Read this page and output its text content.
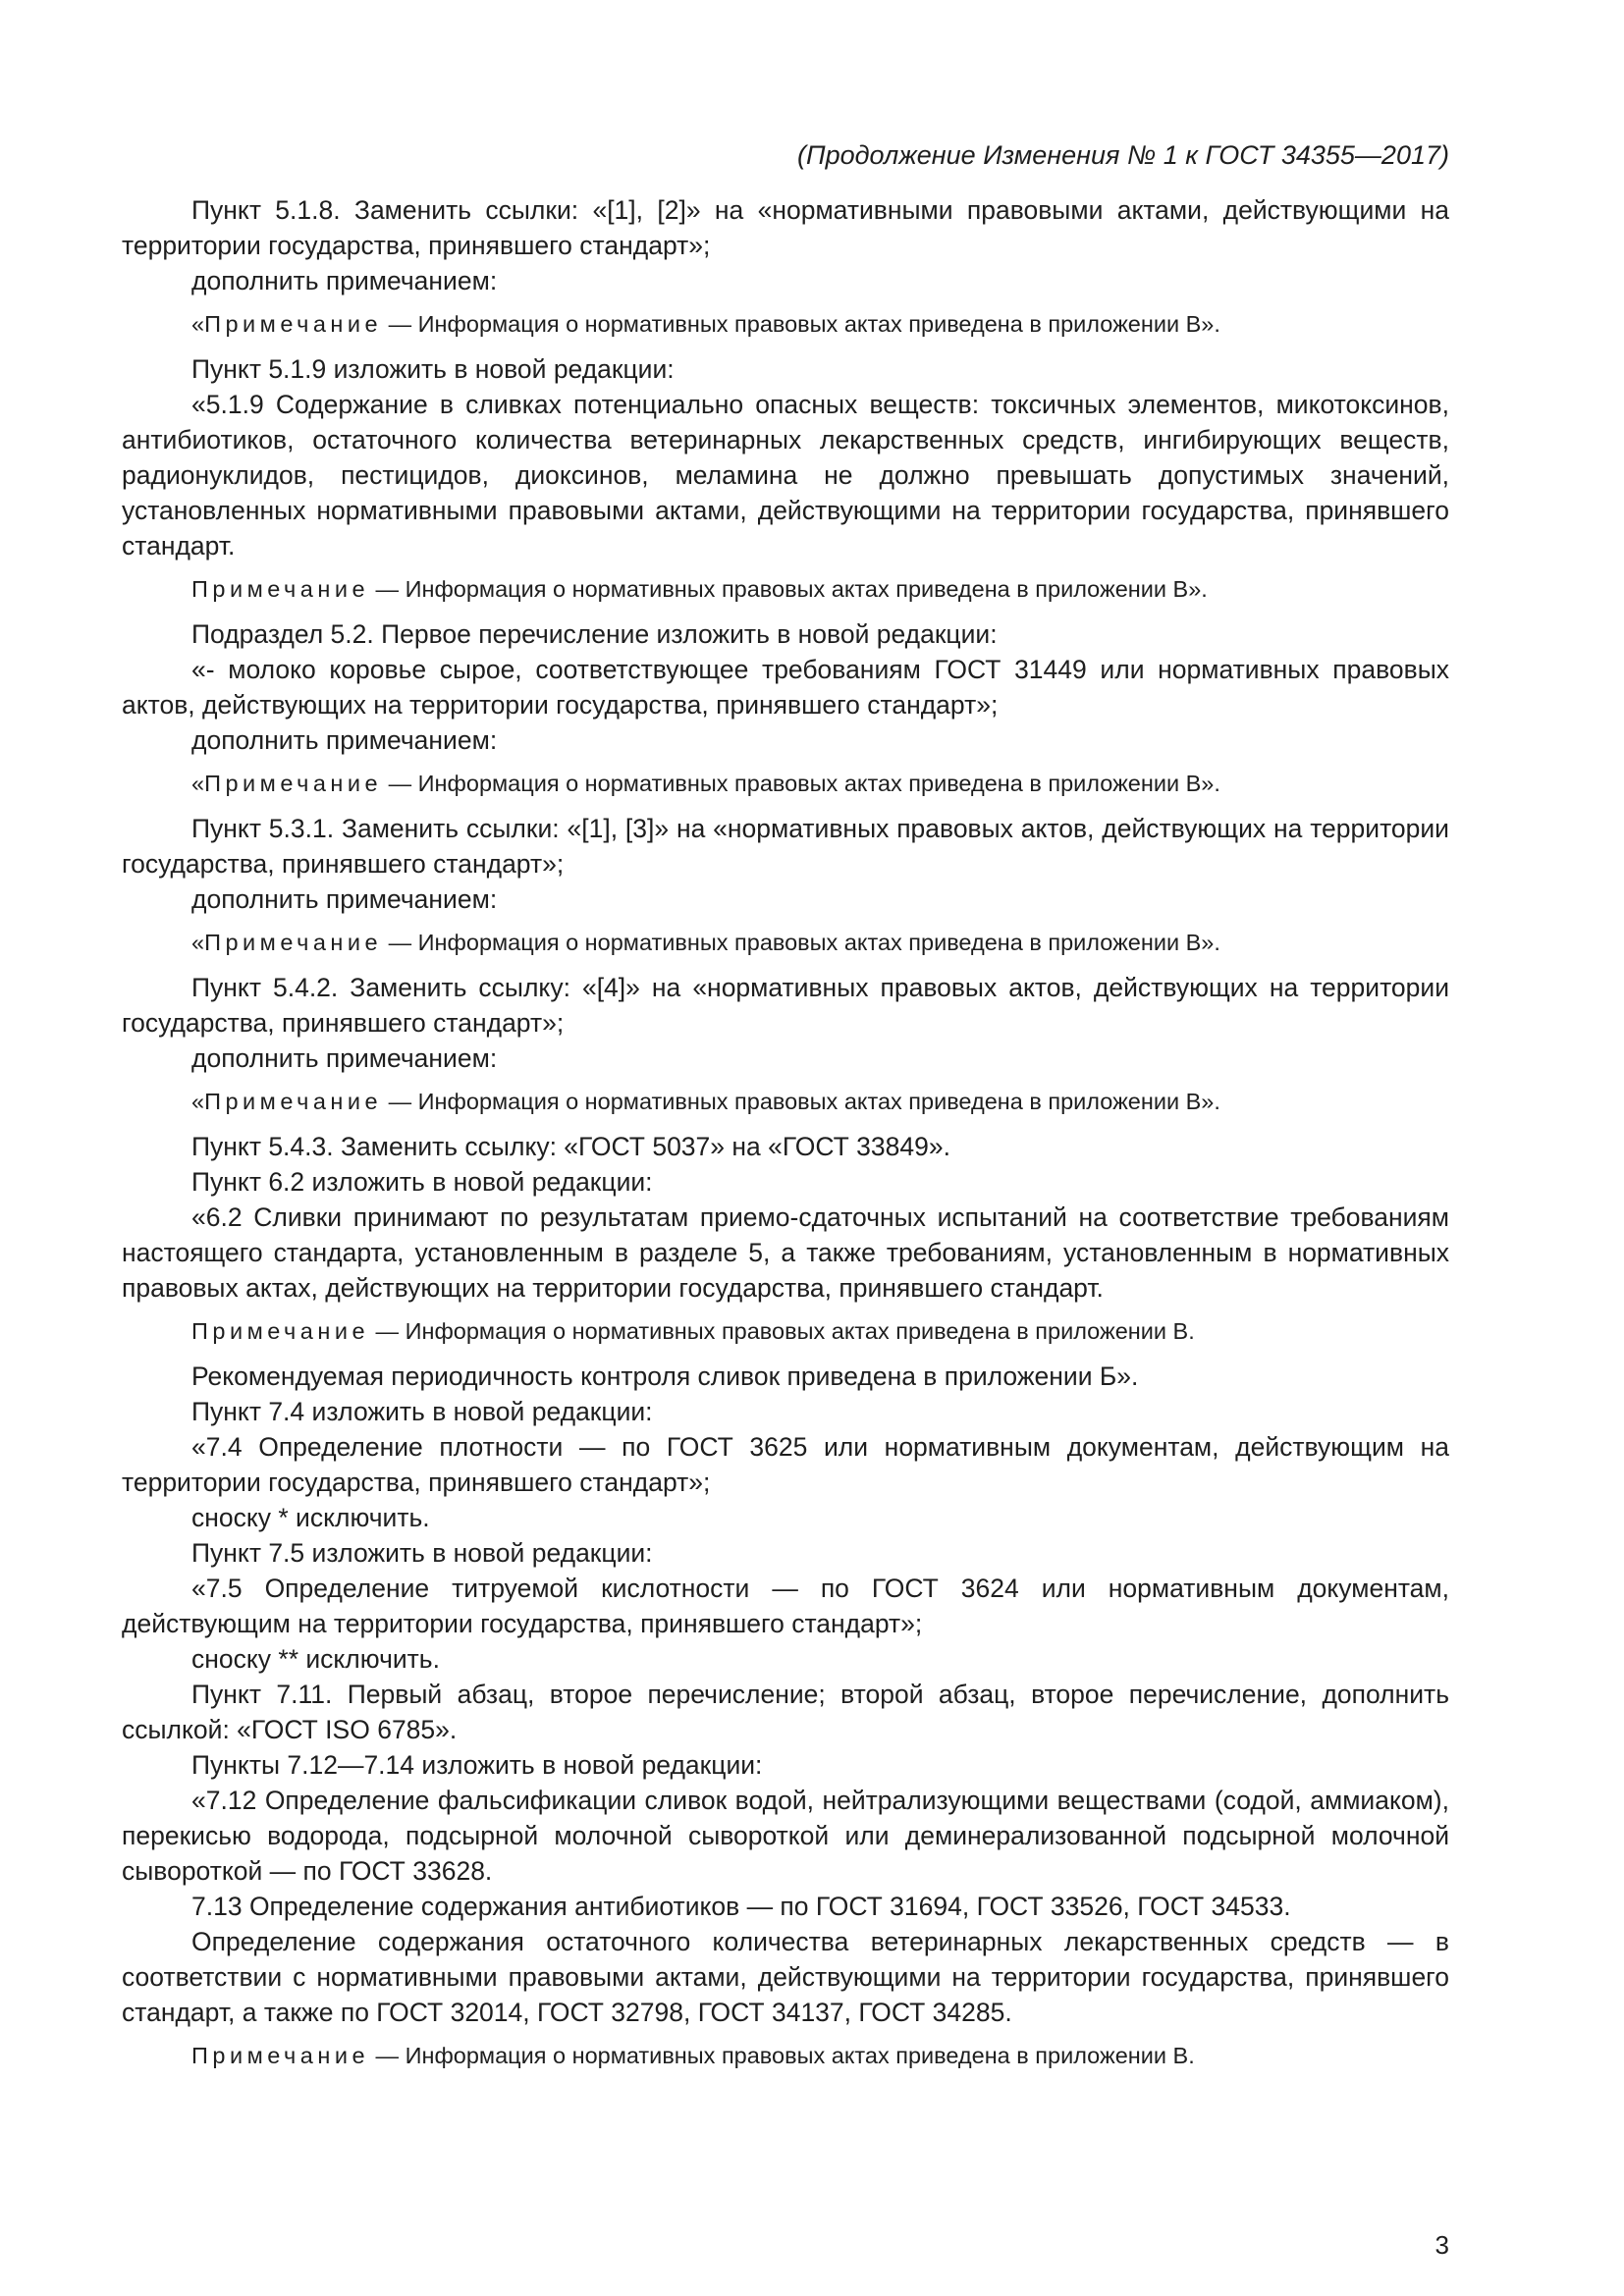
(Продолжение Изменения № 1 к ГОСТ 34355—2017)

Пункт 5.1.8. Заменить ссылки: «[1], [2]» на «нормативными правовыми актами, действующими на территории государства, принявшего стандарт»;

дополнить примечанием:

«Примечание — Информация о нормативных правовых актах приведена в приложении В».

Пункт 5.1.9 изложить в новой редакции:

«5.1.9 Содержание в сливках потенциально опасных веществ: токсичных элементов, микотоксинов, антибиотиков, остаточного количества ветеринарных лекарственных средств, ингибирующих веществ, радионуклидов, пестицидов, диоксинов, меламина не должно превышать допустимых значений, установленных нормативными правовыми актами, действующими на территории государства, принявшего стандарт.

Примечание — Информация о нормативных правовых актах приведена в приложении В».

Подраздел 5.2. Первое перечисление изложить в новой редакции:

«- молоко коровье сырое, соответствующее требованиям ГОСТ 31449 или нормативных правовых актов, действующих на территории государства, принявшего стандарт»;

дополнить примечанием:

«Примечание — Информация о нормативных правовых актах приведена в приложении В».

Пункт 5.3.1. Заменить ссылки: «[1], [3]» на «нормативных правовых актов, действующих на территории государства, принявшего стандарт»;

дополнить примечанием:

«Примечание — Информация о нормативных правовых актах приведена в приложении В».

Пункт 5.4.2. Заменить ссылку: «[4]» на «нормативных правовых актов, действующих на территории государства, принявшего стандарт»;

дополнить примечанием:

«Примечание — Информация о нормативных правовых актах приведена в приложении В».

Пункт 5.4.3. Заменить ссылку: «ГОСТ 5037» на «ГОСТ 33849».

Пункт 6.2 изложить в новой редакции:

«6.2 Сливки принимают по результатам приемо-сдаточных испытаний на соответствие требованиям настоящего стандарта, установленным в разделе 5, а также требованиям, установленным в нормативных правовых актах, действующих на территории государства, принявшего стандарт.

Примечание — Информация о нормативных правовых актах приведена в приложении В.

Рекомендуемая периодичность контроля сливок приведена в приложении Б».

Пункт 7.4 изложить в новой редакции:

«7.4 Определение плотности — по ГОСТ 3625 или нормативным документам, действующим на территории государства, принявшего стандарт»;

сноску * исключить.

Пункт 7.5 изложить в новой редакции:

«7.5 Определение титруемой кислотности — по ГОСТ 3624 или нормативным документам, действующим на территории государства, принявшего стандарт»;

сноску ** исключить.

Пункт 7.11. Первый абзац, второе перечисление; второй абзац, второе перечисление, дополнить ссылкой: «ГОСТ ISO 6785».

Пункты 7.12—7.14 изложить в новой редакции:

«7.12 Определение фальсификации сливок водой, нейтрализующими веществами (содой, аммиаком), перекисью водорода, подсырной молочной сывороткой или деминерализованной подсырной молочной сывороткой — по ГОСТ 33628.

7.13 Определение содержания антибиотиков — по ГОСТ 31694, ГОСТ 33526, ГОСТ 34533.

Определение содержания остаточного количества ветеринарных лекарственных средств — в соответствии с нормативными правовыми актами, действующими на территории государства, принявшего стандарт, а также по ГОСТ 32014, ГОСТ 32798, ГОСТ 34137, ГОСТ 34285.

Примечание — Информация о нормативных правовых актах приведена в приложении В.

3
